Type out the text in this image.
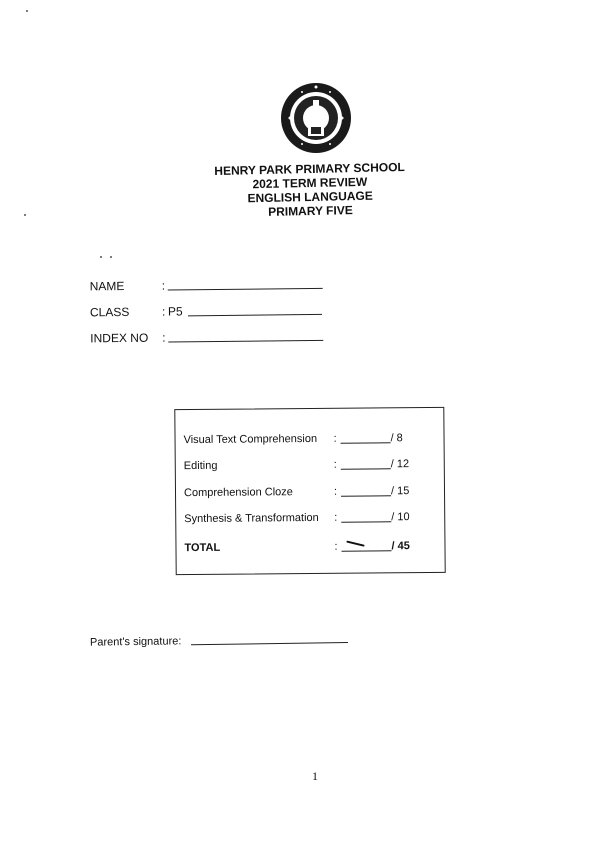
HENRY PARK PRIMARY SCHOOL
2021 TERM REVIEW
ENGLISH LANGUAGE
PRIMARY FIVE
NAME	:
CLASS	: P5
INDEX NO :
Visual Text Comprehension :	/ 8
Editing	:	/ 12
Comprehension Cloze	:	/ 15
Synthesis & Transformation :	/ 10
TOTAL	:	/ 45
Parent's signature:
1
